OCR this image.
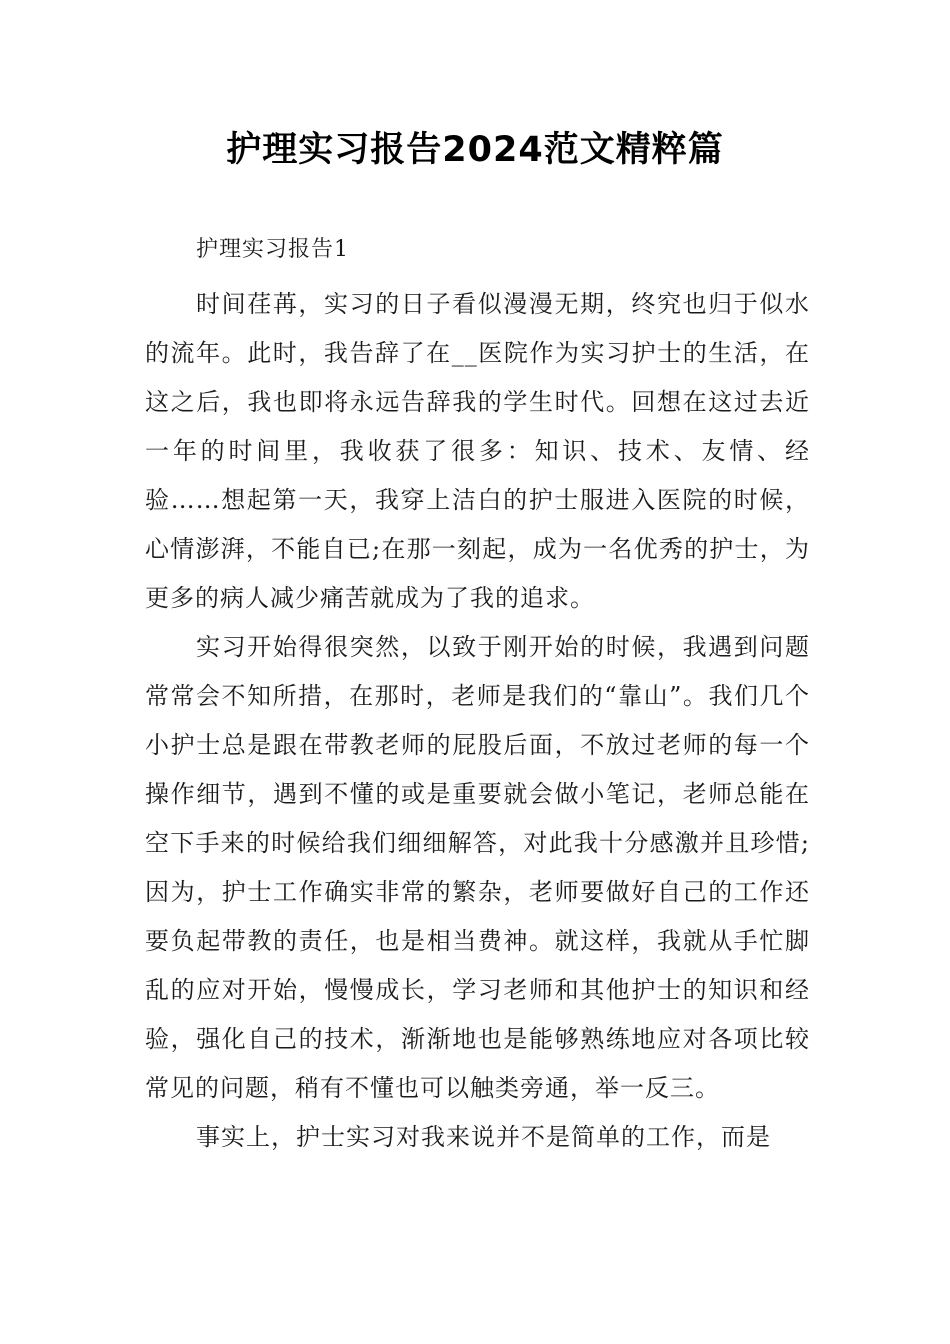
护理实习报告2024范文精粹篇

护理实习报告1

时间荏苒，实习的日子看似漫漫无期，终究也归于似水的流年。此时，我告辞了在__医院作为实习护士的生活，在这之后，我也即将永远告辞我的学生时代。回想在这过去近一年的时间里，我收获了很多：知识、技术、友情、经验……想起第一天，我穿上洁白的护士服进入医院的时候，心情澎湃，不能自已;在那一刻起，成为一名优秀的护士，为更多的病人减少痛苦就成为了我的追求。

实习开始得很突然，以致于刚开始的时候，我遇到问题常常会不知所措，在那时，老师是我们的“靠山”。我们几个小护士总是跟在带教老师的屁股后面，不放过老师的每一个操作细节，遇到不懂的或是重要就会做小笔记，老师总能在空下手来的时候给我们细细解答，对此我十分感激并且珍惜;因为，护士工作确实非常的繁杂，老师要做好自己的工作还要负起带教的责任，也是相当费神。就这样，我就从手忙脚乱的应对开始，慢慢成长，学习老师和其他护士的知识和经验，强化自己的技术，渐渐地也是能够熟练地应对各项比较常见的问题，稍有不懂也可以触类旁通，举一反三。

事实上，护士实习对我来说并不是简单的工作，而是
